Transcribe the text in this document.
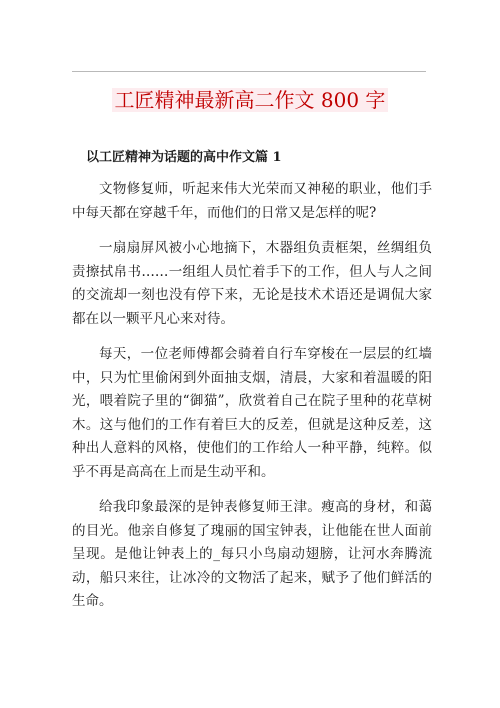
工匠精神最新高二作文 800 字
以工匠精神为话题的高中作文篇 1

文物修复师，听起来伟大光荣而又神秘的职业，他们手中每天都在穿越千年，而他们的日常又是怎样的呢?

一扇扇屏风被小心地摘下，木器组负责框架，丝绸组负责擦拭帛书……一组组人员忙着手下的工作，但人与人之间的交流却一刻也没有停下来，无论是技术术语还是调侃大家都在以一颗平凡心来对待。

每天，一位老师傅都会骑着自行车穿梭在一层层的红墙中，只为忙里偷闲到外面抽支烟，清晨，大家和着温暖的阳光，喂着院子里的“御猫”，欣赏着自己在院子里种的花草树木。这与他们的工作有着巨大的反差，但就是这种反差，这种出人意料的风格，使他们的工作给人一种平静，纯粹。似乎不再是高高在上而是生动平和。

给我印象最深的是钟表修复师王津。瘦高的身材，和蔼的目光。他亲自修复了瑰丽的国宝钟表，让他能在世人面前呈现。是他让钟表上的_每只小鸟扇动翅膀，让河水奔腾流动，船只来往，让冰冷的文物活了起来，赋予了他们鲜活的生命。
